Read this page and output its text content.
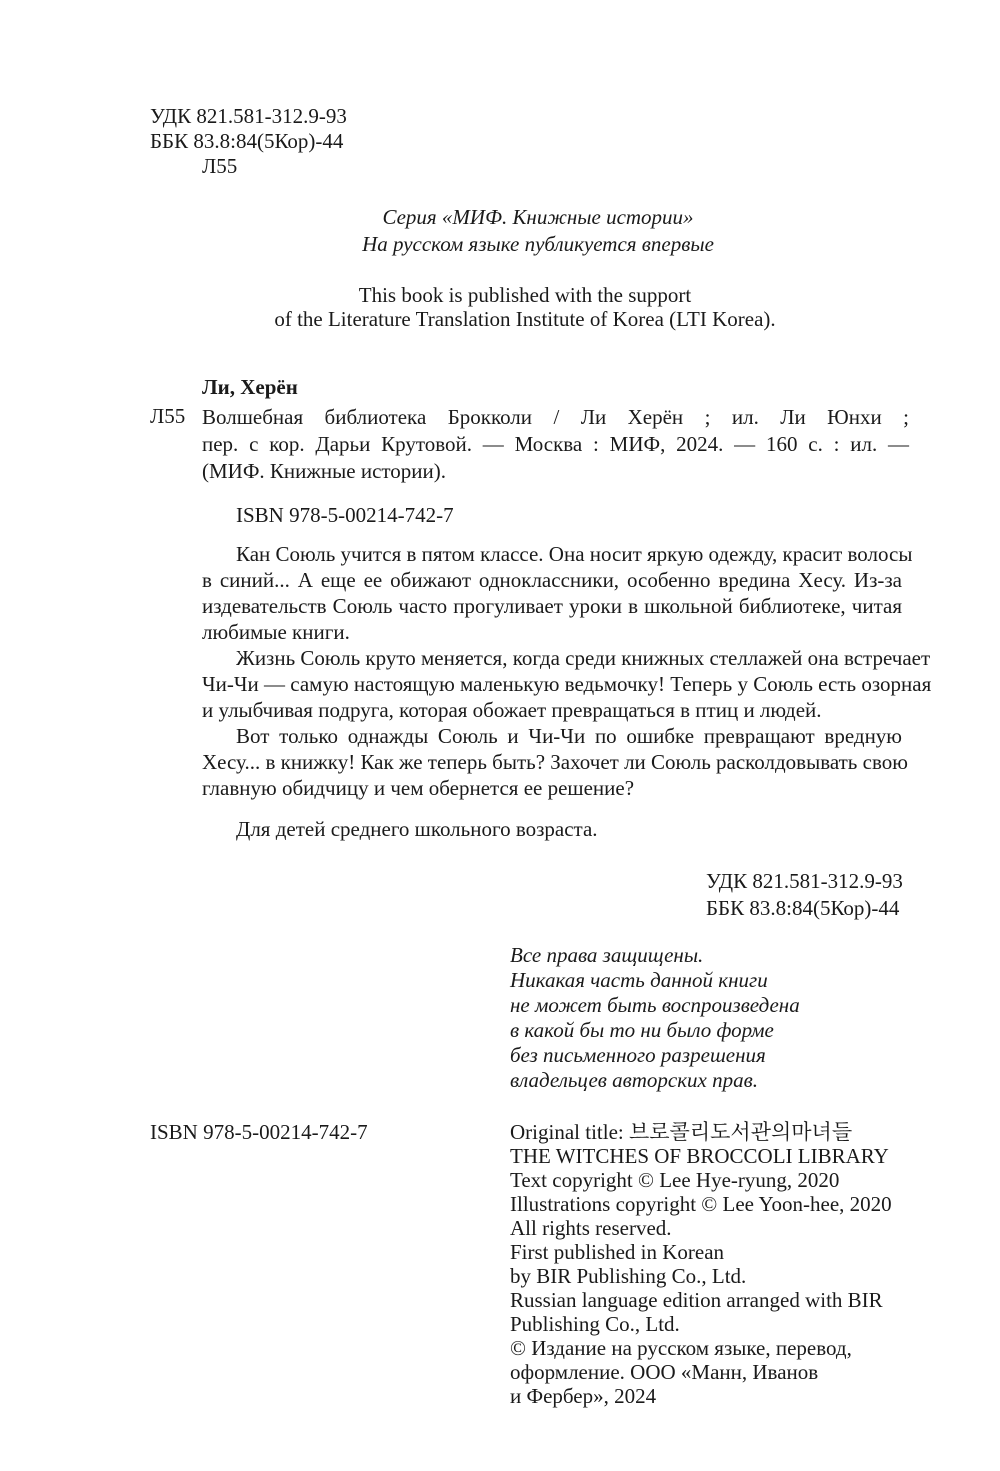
УДК 821.581-312.9-93
ББК 83.8:84(5Кор)-44
Л55
Серия «МИФ. Книжные истории»
На русском языке публикуется впервые
This book is published with the support
of the Literature Translation Institute of Korea (LTI Korea).
Ли, Херён
Л55 Волшебная библиотека Брокколи / Ли Херён ; ил. Ли Юнхи ;
пер. с кор. Дарьи Крутовой. — Москва : МИФ, 2024. — 160 с. : ил. —
(МИФ. Книжные истории).
ISBN 978-5-00214-742-7
Кан Союль учится в пятом классе. Она носит яркую одежду, красит волосы
в синий... А еще ее обижают одноклассники, особенно вредина Хесу. Из-за
издевательств Союль часто прогуливает уроки в школьной библиотеке, читая
любимые книги.
Жизнь Союль круто меняется, когда среди книжных стеллажей она встречает
Чи-Чи — самую настоящую маленькую ведьмочку! Теперь у Союль есть озорная
и улыбчивая подруга, которая обожает превращаться в птиц и людей.
Вот только однажды Союль и Чи-Чи по ошибке превращают вредную
Хесу... в книжку! Как же теперь быть? Захочет ли Союль расколдовывать свою
главную обидчицу и чем обернется ее решение?
Для детей среднего школьного возраста.
УДК 821.581-312.9-93
ББК 83.8:84(5Кор)-44
Все права защищены.
Никакая часть данной книги
не может быть воспроизведена
в какой бы то ни было форме
без письменного разрешения
владельцев авторских прав.
ISBN 978-5-00214-742-7	Original title: 브로콜리도서관의마녀들
THE WITCHES OF BROCCOLI LIBRARY
Text copyright © Lee Hye-ryung, 2020
Illustrations copyright © Lee Yoon-hee, 2020
All rights reserved.
First published in Korean
by BIR Publishing Co., Ltd.
Russian language edition arranged with BIR
Publishing Co., Ltd.
© Издание на русском языке, перевод,
оформление. ООО «Манн, Иванов
и Фербер», 2024
